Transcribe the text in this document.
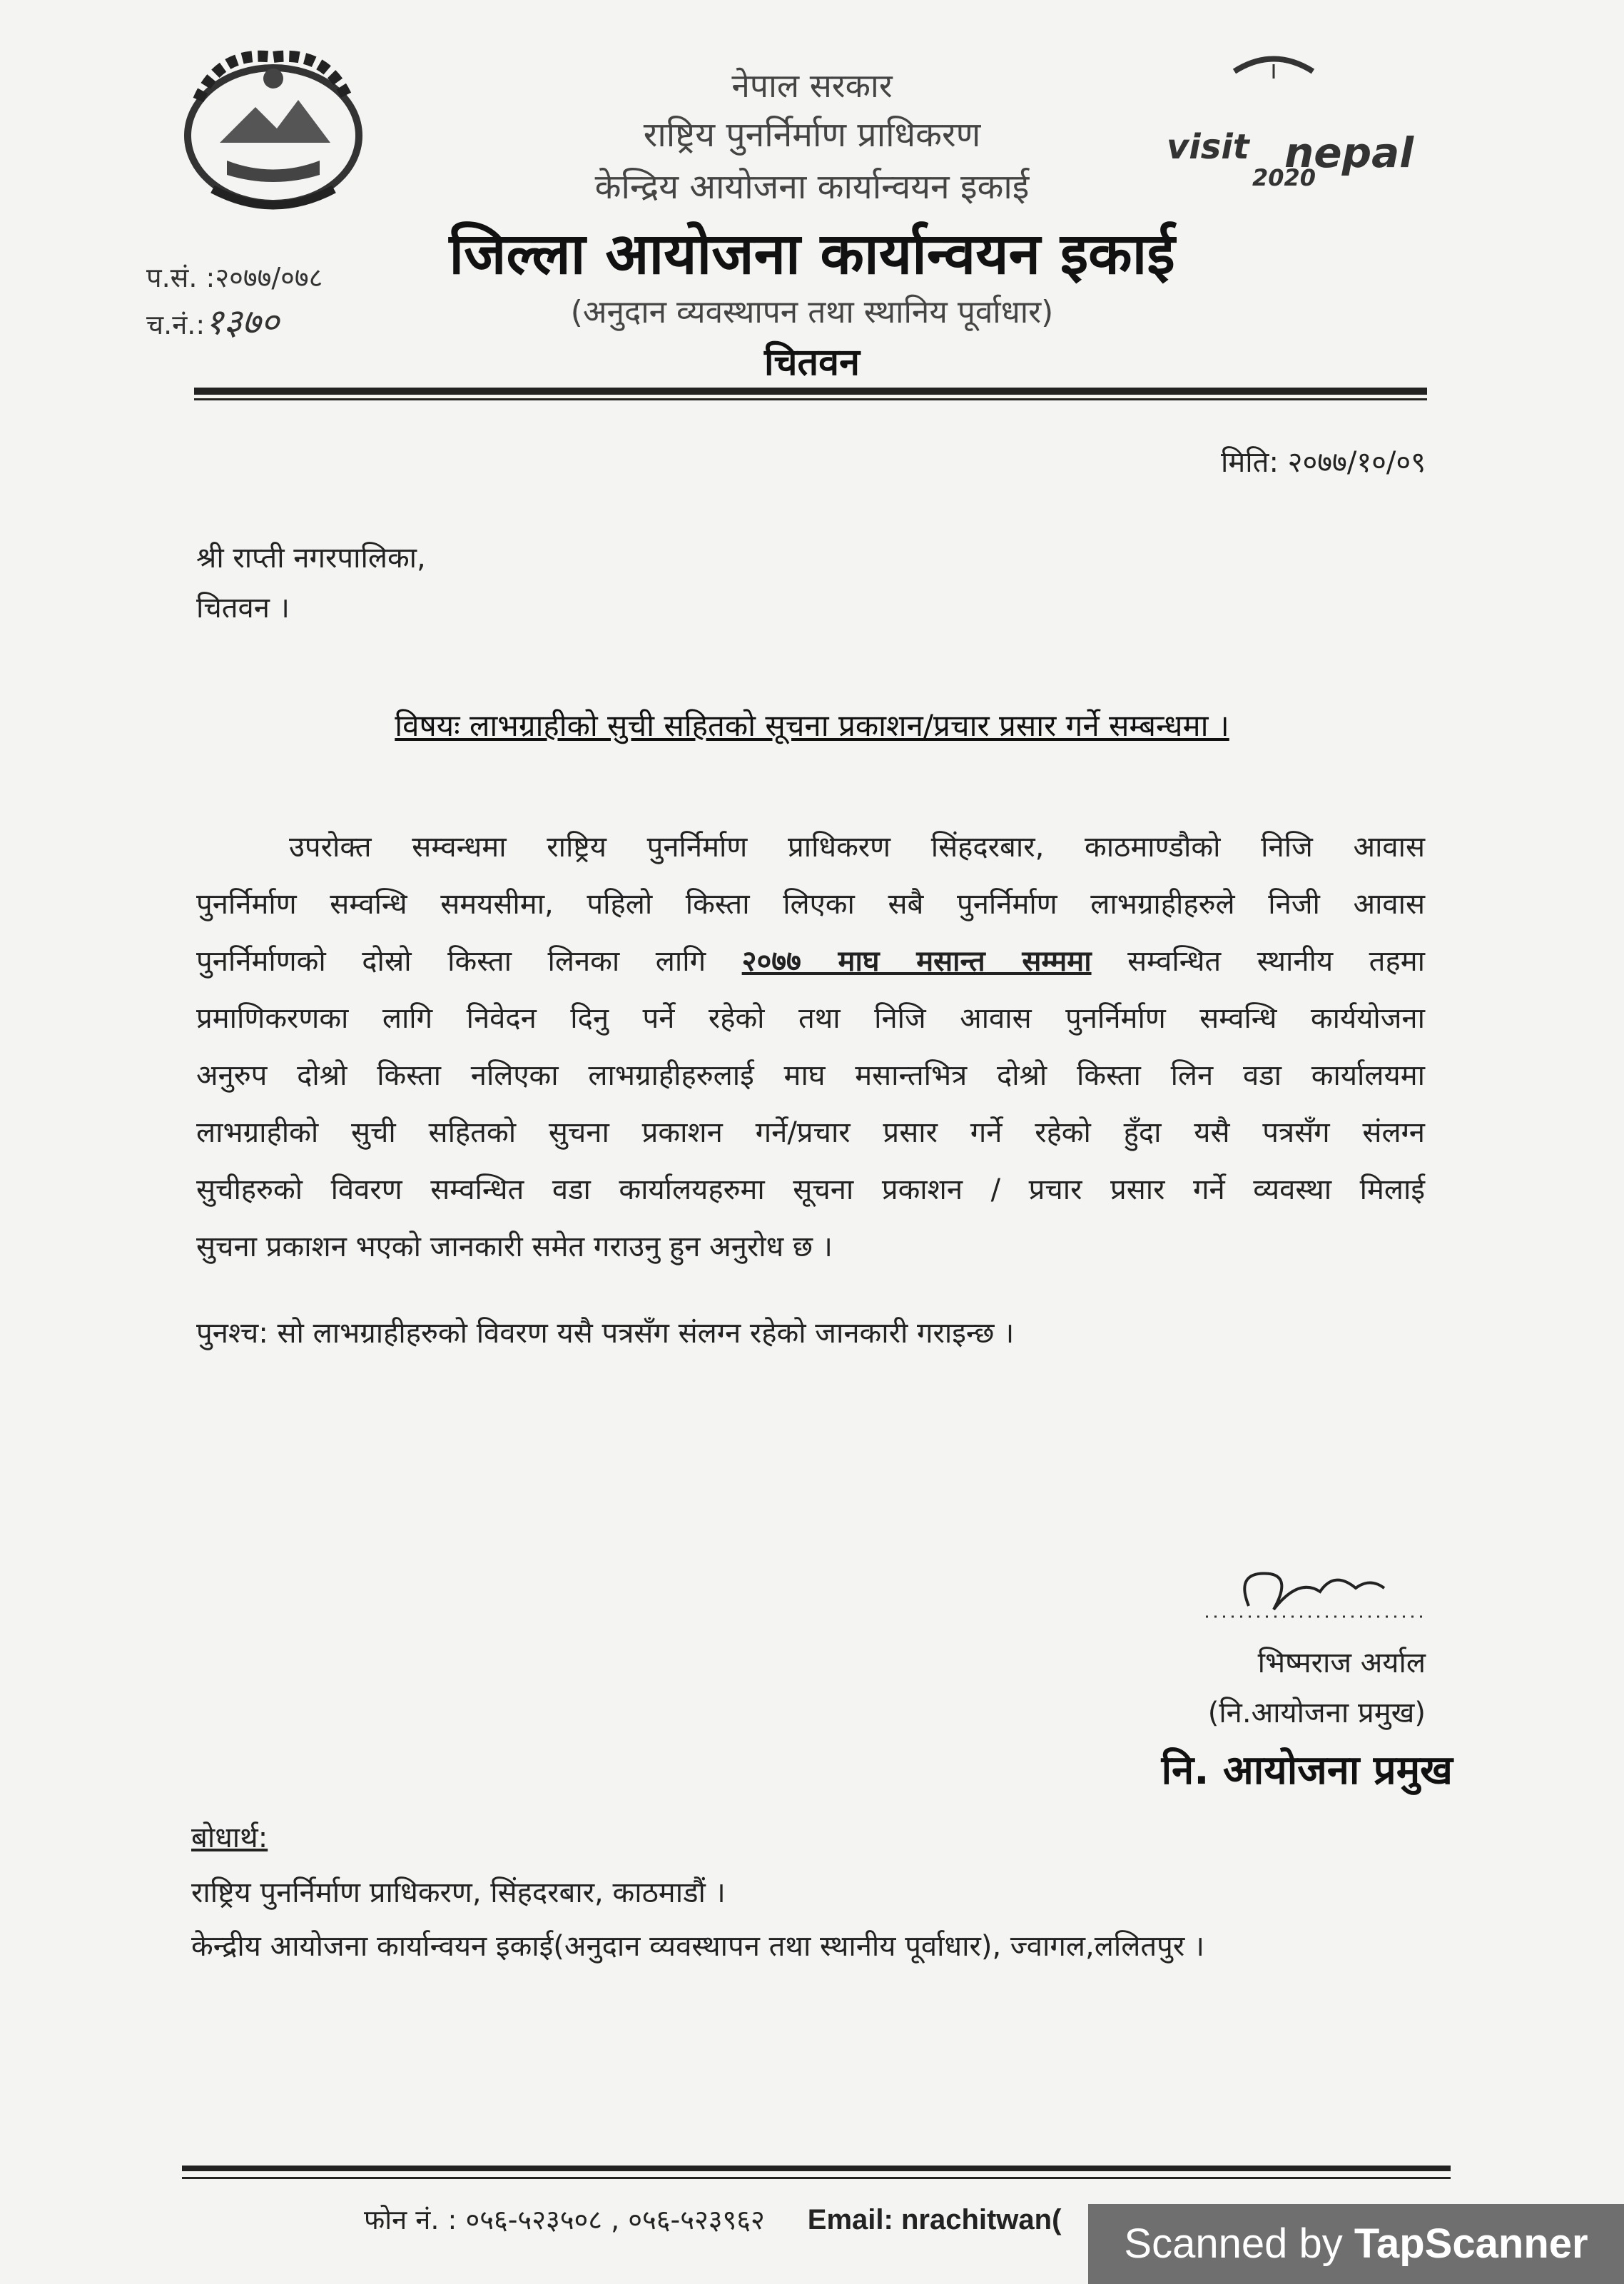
visit nepal
2020
नेपाल सरकार
राष्ट्रिय पुनर्निर्माण प्राधिकरण
केन्द्रिय आयोजना कार्यान्वयन इकाई
जिल्ला आयोजना कार्यान्वयन इकाई
(अनुदान व्यवस्थापन तथा स्थानिय पूर्वाधार)
चितवन
प.सं. :२०७७/०७८
च.नं.:१३७०
मिति: २०७७/१०/०९
श्री राप्ती नगरपालिका,
चितवन ।
विषयः लाभग्राहीको सुची सहितको सूचना प्रकाशन/प्रचार प्रसार गर्ने सम्बन्धमा ।
उपरोक्त सम्वन्धमा राष्ट्रिय पुनर्निर्माण प्राधिकरण सिंहदरबार, काठमाण्डौको निजि आवास
पुनर्निर्माण सम्वन्धि समयसीमा, पहिलो किस्ता लिएका सबै पुनर्निर्माण लाभग्राहीहरुले निजी आवास
पुनर्निर्माणको दोस्रो किस्ता लिनका लागि २०७७ माघ मसान्त सम्ममा सम्वन्धित स्थानीय तहमा
प्रमाणिकरणका लागि निवेदन दिनु पर्ने रहेको तथा निजि आवास पुनर्निर्माण सम्वन्धि कार्ययोजना
अनुरुप दोश्रो किस्ता नलिएका लाभग्राहीहरुलाई माघ मसान्तभित्र दोश्रो किस्ता लिन वडा कार्यालयमा
लाभग्राहीको सुची सहितको सुचना प्रकाशन गर्ने/प्रचार प्रसार गर्ने रहेको हुँदा यसै पत्रसँग संलग्न
सुचीहरुको विवरण सम्वन्धित वडा कार्यालयहरुमा सूचना प्रकाशन / प्रचार प्रसार गर्ने व्यवस्था मिलाई
सुचना प्रकाशन भएको जानकारी समेत गराउनु हुन अनुरोध छ ।
पुनश्च: सो लाभग्राहीहरुको विवरण यसै पत्रसँग संलग्न रहेको जानकारी गराइन्छ ।
भिष्मराज अर्याल
(नि.आयोजना प्रमुख)
नि. आयोजना प्रमुख
बोधार्थ:
राष्ट्रिय पुनर्निर्माण प्राधिकरण, सिंहदरबार, काठमाडौं ।
केन्द्रीय आयोजना कार्यान्वयन इकाई(अनुदान व्यवस्थापन तथा स्थानीय पूर्वाधार), ज्वागल,ललितपुर ।
फोन नं. : ०५६-५२३५०८ , ०५६-५२३९६२ Email: nrachitwan(
Scanned by TapScanner
